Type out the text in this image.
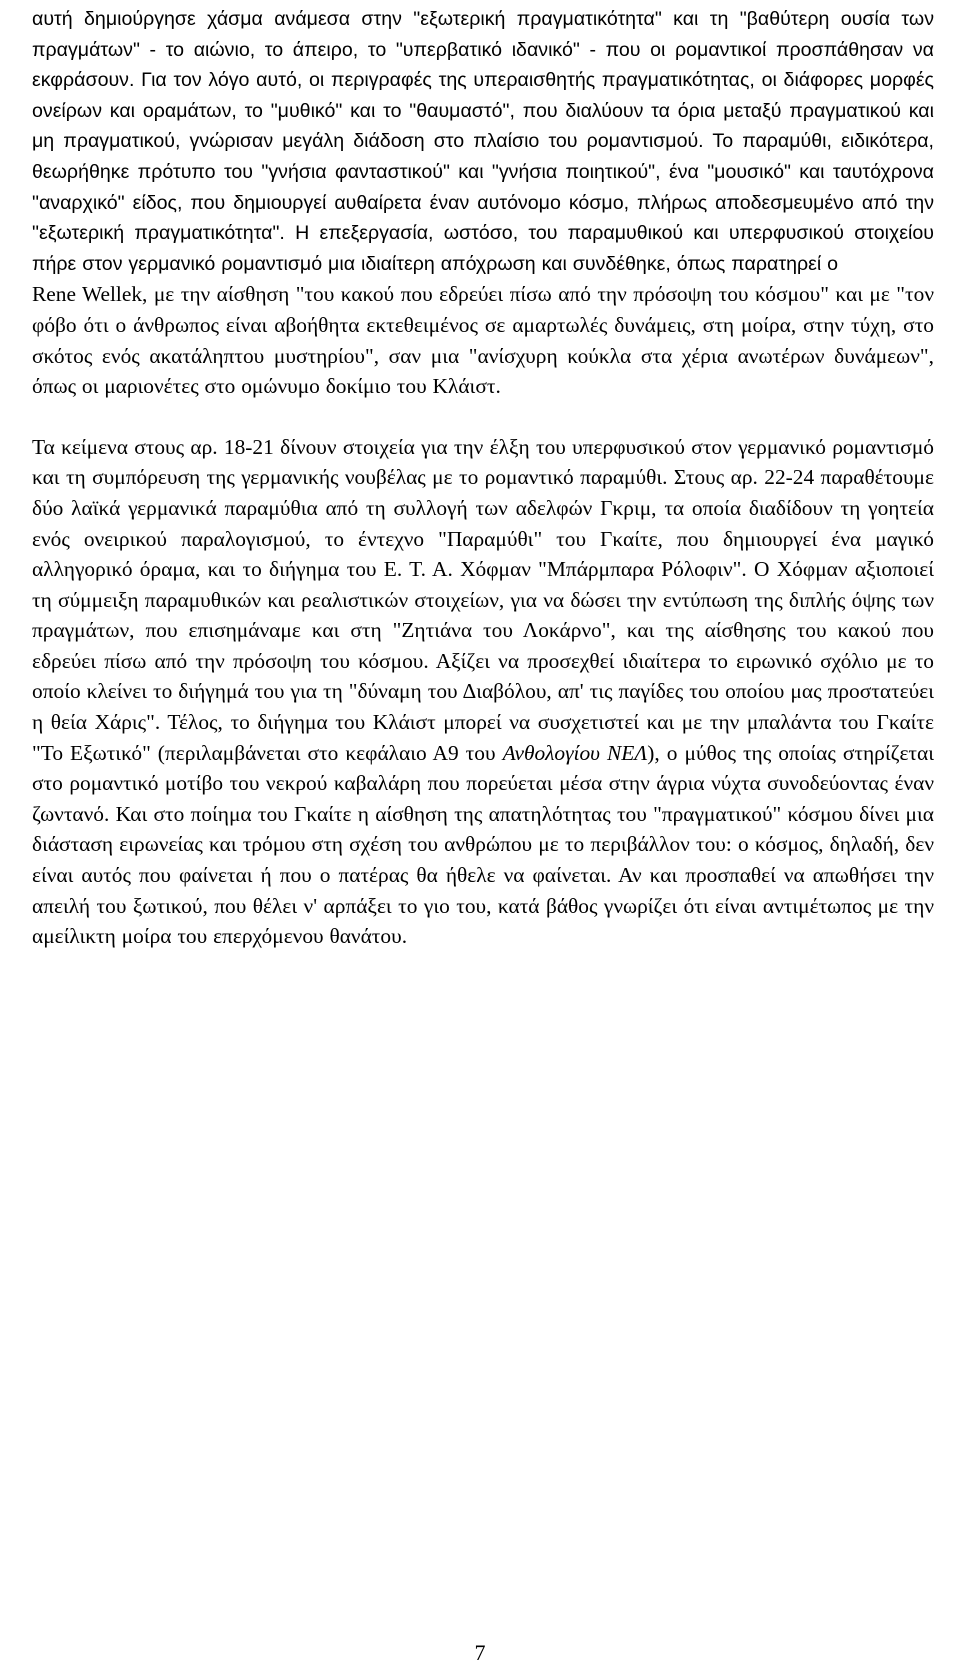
αυτή δημιούργησε χάσμα ανάμεσα στην "εξωτερική πραγματικότητα" και τη "βαθύτερη ουσία των πραγμάτων" - το αιώνιο, το άπειρο, το "υπερβατικό ιδανικό" - που οι ρομαντικοί προσπάθησαν να εκφράσουν. Για τον λόγο αυτό, οι περιγραφές της υπεραισθητής πραγματικότητας, οι διάφορες μορφές ονείρων και οραμάτων, το "μυθικό" και το "θαυμαστό", που διαλύουν τα όρια μεταξύ πραγματικού και μη πραγματικού, γνώρισαν μεγάλη διάδοση στο πλαίσιο του ρομαντισμού. Το παραμύθι, ειδικότερα, θεωρήθηκε πρότυπο του "γνήσια φανταστικού" και "γνήσια ποιητικού", ένα "μουσικό" και ταυτόχρονα "αναρχικό" είδος, που δημιουργεί αυθαίρετα έναν αυτόνομο κόσμο, πλήρως αποδεσμευμένο από την "εξωτερική πραγματικότητα". Η επεξεργασία, ωστόσο, του παραμυθικού και υπερφυσικού στοιχείου πήρε στον γερμανικό ρομαντισμό μια ιδιαίτερη απόχρωση και συνδέθηκε, όπως παρατηρεί ο

Rene Wellek, με την αίσθηση "του κακού που εδρεύει πίσω από την πρόσοψη του κόσμου" και με "τον φόβο ότι ο άνθρωπος είναι αβοήθητα εκτεθειμένος σε αμαρτωλές δυνάμεις, στη μοίρα, στην τύχη, στο σκότος ενός ακατάληπτου μυστηρίου", σαν μια "ανίσχυρη κούκλα στα χέρια ανωτέρων δυνάμεων", όπως οι μαριονέτες στο ομώνυμο δοκίμιο του Κλάιστ.

Τα κείμενα στους αρ. 18-21 δίνουν στοιχεία για την έλξη του υπερφυσικού στον γερμανικό ρομαντισμό και τη συμπόρευση της γερμανικής νουβέλας με το ρομαντικό παραμύθι. Στους αρ. 22-24 παραθέτουμε δύο λαϊκά γερμανικά παραμύθια από τη συλλογή των αδελφών Γκριμ, τα οποία διαδίδουν τη γοητεία ενός ονειρικού παραλογισμού, το έντεχνο "Παραμύθι" του Γκαίτε, που δημιουργεί ένα μαγικό αλληγορικό όραμα, και το διήγημα του Ε. Τ. Α. Χόφμαν "Μπάρμπαρα Ρόλοφιν". Ο Χόφμαν αξιοποιεί τη σύμμειξη παραμυθικών και ρεαλιστικών στοιχείων, για να δώσει την εντύπωση της διπλής όψης των πραγμάτων, που επισημάναμε και στη "Ζητιάνα του Λοκάρνο", και της αίσθησης του κακού που εδρεύει πίσω από την πρόσοψη του κόσμου. Αξίζει να προσεχθεί ιδιαίτερα το ειρωνικό σχόλιο με το οποίο κλείνει το διήγημά του για τη "δύναμη του Διαβόλου, απ' τις παγίδες του οποίου μας προστατεύει η θεία Χάρις". Τέλος, το διήγημα του Κλάιστ μπορεί να συσχετιστεί και με την μπαλάντα του Γκαίτε "Το Εξωτικό" (περιλαμβάνεται στο κεφάλαιο Α9 του Ανθολογίου ΝΕΛ), ο μύθος της οποίας στηρίζεται στο ρομαντικό μοτίβο του νεκρού καβαλάρη που πορεύεται μέσα στην άγρια νύχτα συνοδεύοντας έναν ζωντανό. Και στο ποίημα του Γκαίτε η αίσθηση της απατηλότητας του "πραγματικού" κόσμου δίνει μια διάσταση ειρωνείας και τρόμου στη σχέση του ανθρώπου με το περιβάλλον του: ο κόσμος, δηλαδή, δεν είναι αυτός που φαίνεται ή που ο πατέρας θα ήθελε να φαίνεται. Αν και προσπαθεί να απωθήσει την απειλή του ξωτικού, που θέλει ν' αρπάξει το γιο του, κατά βάθος γνωρίζει ότι είναι αντιμέτωπος με την αμείλικτη μοίρα του επερχόμενου θανάτου.

7
